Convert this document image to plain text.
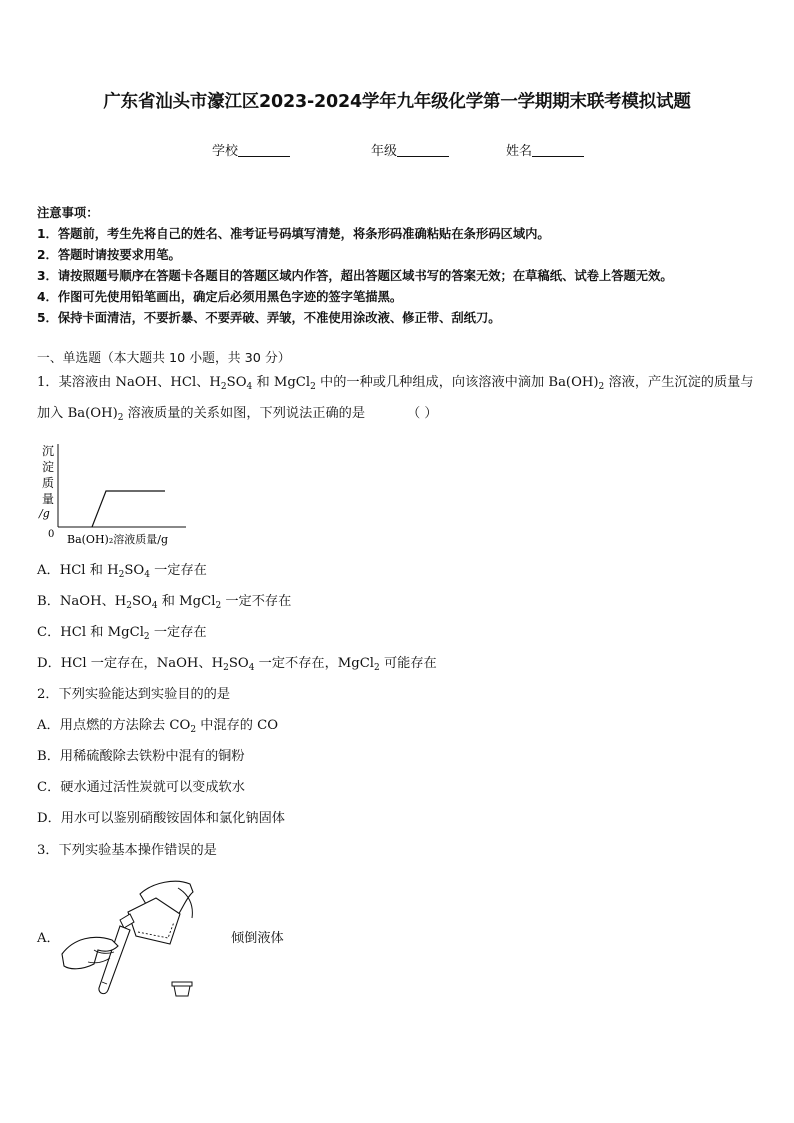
广东省汕头市濠江区2023-2024学年九年级化学第一学期期末联考模拟试题
学校	年级	姓名
注意事项：
1．答题前，考生先将自己的姓名、准考证号码填写清楚，将条形码准确粘贴在条形码区域内。
2．答题时请按要求用笔。
3．请按照题号顺序在答题卡各题目的答题区域内作答，超出答题区域书写的答案无效；在草稿纸、试卷上答题无效。
4．作图可先使用铅笔画出，确定后必须用黑色字迹的签字笔描黑。
5．保持卡面清洁，不要折暴、不要弄破、弄皱，不准使用涂改液、修正带、刮纸刀。
一、单选题（本大题共 10 小题，共 30 分）
1．某溶液由 NaOH、HCl、$H_2SO_4$ 和 MgCl$_2$ 中的一种或几种组成，向该溶液中滴加 $Ba(OH)_2$ 溶液，产生沉淀的质量与
加入 $Ba(OH)_2$ 溶液质量的关系如图，下列说法正确的是	（ ）
沉
淀
质
量
/g
0 Ba(OH)₂溶液质量/g
A．HCl 和 $H_2SO_4$ 一定存在
B．NaOH、$H_2SO_4$ 和 MgCl$_2$ 一定不存在
C．HCl 和 MgCl$_2$ 一定存在
D．HCl 一定存在，NaOH、$H_2SO_4$ 一定不存在，MgCl$_2$ 可能存在
2．下列实验能达到实验目的的是
A．用点燃的方法除去 $CO_2$ 中混存的 CO
B．用稀硫酸除去铁粉中混有的铜粉
C．硬水通过活性炭就可以变成软水
D．用水可以鉴别硝酸铵固体和氯化钠固体
3．下列实验基本操作错误的是
A．	倾倒液体
